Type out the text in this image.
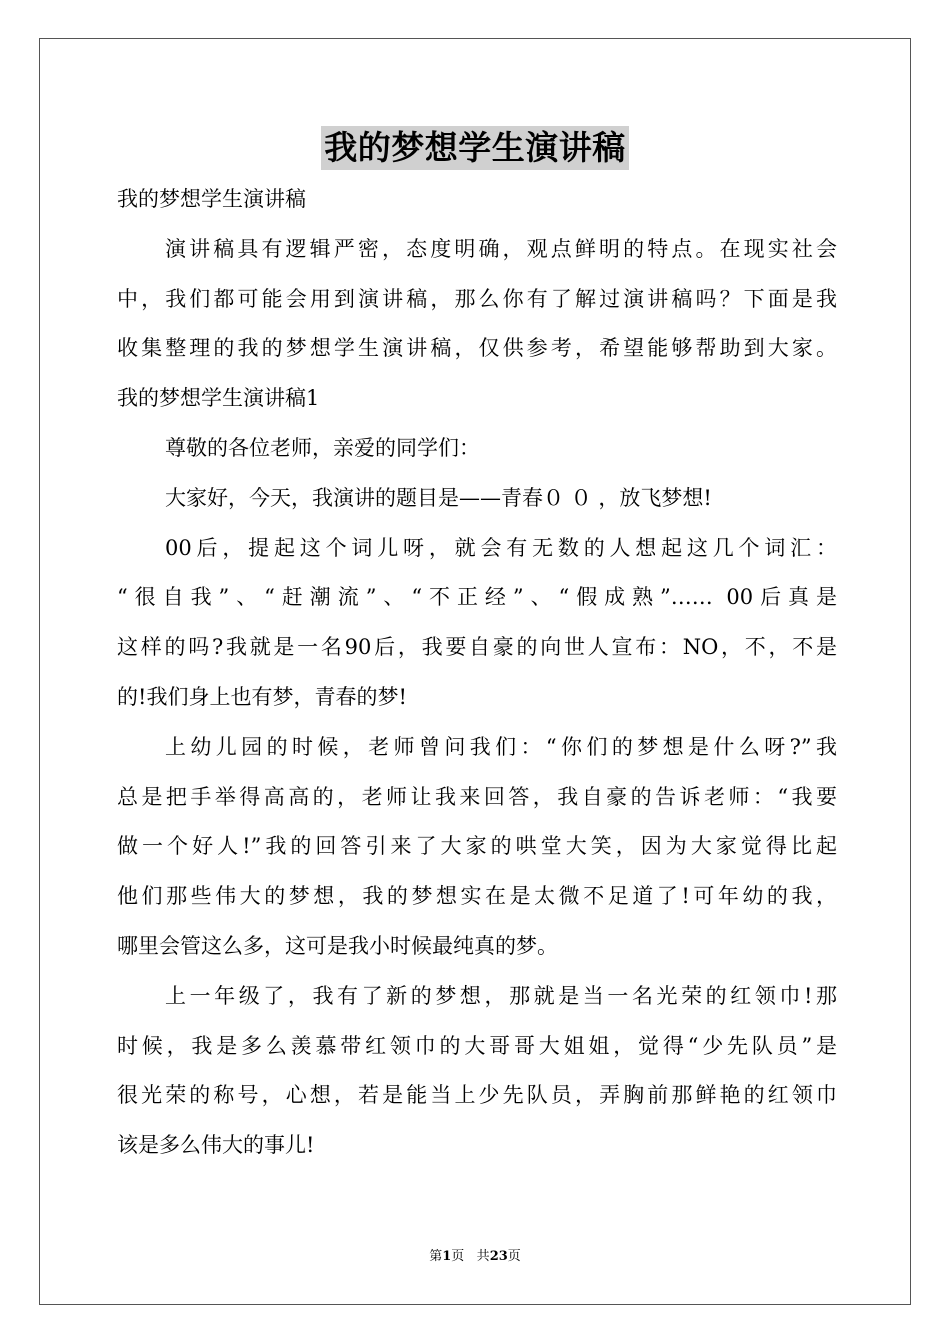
我的梦想学生演讲稿
我的梦想学生演讲稿
演讲稿具有逻辑严密，态度明确，观点鲜明的特点。在现实社会
中，我们都可能会用到演讲稿，那么你有了解过演讲稿吗？下面是我
收集整理的我的梦想学生演讲稿，仅供参考，希望能够帮助到大家。
我的梦想学生演讲稿1
尊敬的各位老师，亲爱的同学们：
大家好，今天，我演讲的题目是——青春０ ０ ，放飞梦想!
00后，提起这个词儿呀，就会有无数的人想起这几个词汇：
“很自我”、“赶潮流”、“不正经”、“假成熟”…… 00后真是
这样的吗?我就是一名90后，我要自豪的向世人宣布：NO，不，不是
的!我们身上也有梦，青春的梦!
上幼儿园的时候，老师曾问我们：“你们的梦想是什么呀?”我
总是把手举得高高的，老师让我来回答，我自豪的告诉老师：“我要
做一个好人!”我的回答引来了大家的哄堂大笑，因为大家觉得比起
他们那些伟大的梦想，我的梦想实在是太微不足道了!可年幼的我，
哪里会管这么多，这可是我小时候最纯真的梦。
上一年级了，我有了新的梦想，那就是当一名光荣的红领巾!那
时候，我是多么羡慕带红领巾的大哥哥大姐姐，觉得“少先队员”是
很光荣的称号，心想，若是能当上少先队员，弄胸前那鲜艳的红领巾
该是多么伟大的事儿!
第1页 共23页
